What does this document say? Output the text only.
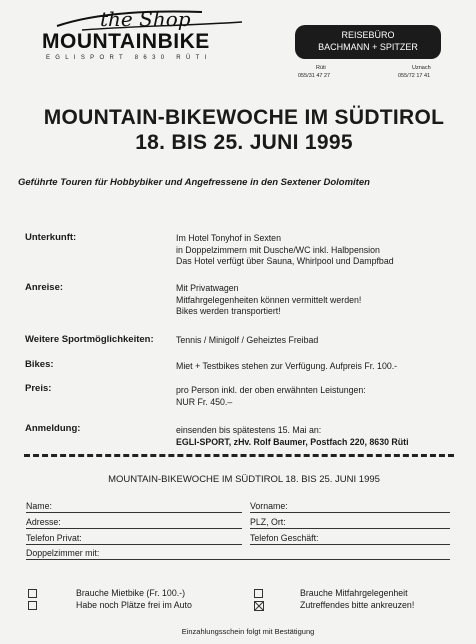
the Shop
MOUNTAINBIKE
EGLISPORT 8630 RÜTI
REISEBÜRO
BACHMANN + SPITZER
Rüti
055/31 47 27
Uznach
055/72 17 41
MOUNTAIN-BIKEWOCHE IM SÜDTIROL
18. BIS 25. JUNI 1995
Geführte Touren für Hobbybiker und Angefressene in den Sextener Dolomiten
Unterkunft:	Im Hotel Tonyhof in Sexten
in Doppelzimmern mit Dusche/WC inkl. Halbpension
Das Hotel verfügt über Sauna, Whirlpool und Dampfbad
Anreise:	Mit Privatwagen
Mitfahrgelegenheiten können vermittelt werden!
Bikes werden transportiert!
Weitere Sportmöglichkeiten:	Tennis / Minigolf / Geheiztes Freibad
Bikes:	Miet + Testbikes stehen zur Verfügung. Aufpreis Fr. 100.-
Preis:	pro Person inkl. der oben erwähnten Leistungen:
NUR Fr. 450.–
Anmeldung:	einsenden bis spätestens 15. Mai an:
EGLI-SPORT, zHv. Rolf Baumer, Postfach 220, 8630 Rüti
MOUNTAIN-BIKEWOCHE IM SÜDTIROL 18. BIS 25. JUNI 1995
Name:	Vorname:
Adresse:	PLZ, Ort:
Telefon Privat:	Telefon Geschäft:
Doppelzimmer mit:
Brauche Mietbike (Fr. 100.-)
Habe noch Plätze frei im Auto
Brauche Mitfahrgelegenheit
Zutreffendes bitte ankreuzen!
Einzahlungsschein folgt mit Bestätigung
